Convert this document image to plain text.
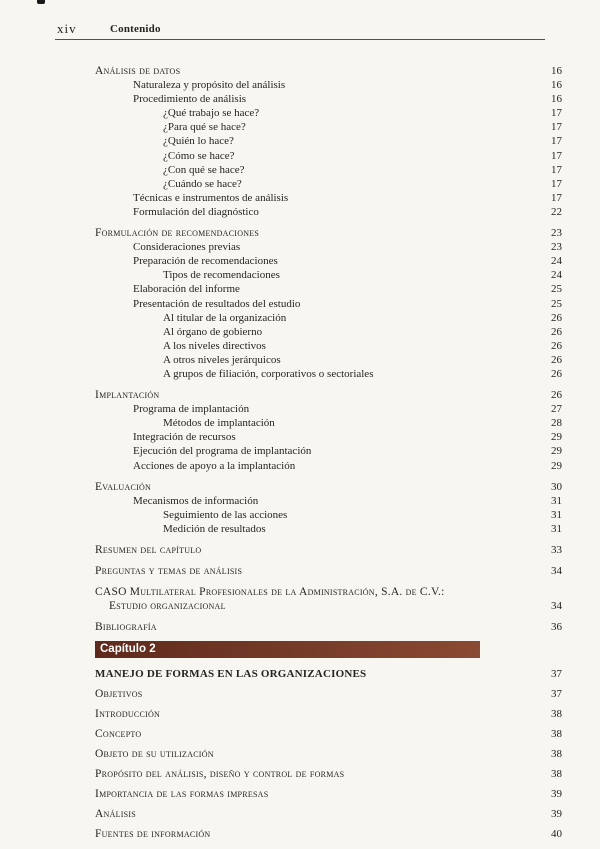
xiv	Contenido
Análisis de datos	16
Naturaleza y propósito del análisis	16
Procedimiento de análisis	16
¿Qué trabajo se hace?	17
¿Para qué se hace?	17
¿Quién lo hace?	17
¿Cómo se hace?	17
¿Con qué se hace?	17
¿Cuándo se hace?	17
Técnicas e instrumentos de análisis	17
Formulación del diagnóstico	22
Formulación de recomendaciones	23
Consideraciones previas	23
Preparación de recomendaciones	24
Tipos de recomendaciones	24
Elaboración del informe	25
Presentación de resultados del estudio	25
Al titular de la organización	26
Al órgano de gobierno	26
A los niveles directivos	26
A otros niveles jerárquicos	26
A grupos de filiación, corporativos o sectoriales	26
Implantación	26
Programa de implantación	27
Métodos de implantación	28
Integración de recursos	29
Ejecución del programa de implantación	29
Acciones de apoyo a la implantación	29
Evaluación	30
Mecanismos de información	31
Seguimiento de las acciones	31
Medición de resultados	31
Resumen del capítulo	33
Preguntas y temas de análisis	34
CASO Multilateral Profesionales de la Administración, S.A. de C.V.:
Estudio organizacional	34
Bibliografía	36
Capítulo 2
MANEJO DE FORMAS EN LAS ORGANIZACIONES	37
Objetivos	37
Introducción	38
Concepto	38
Objeto de su utilización	38
Propósito del análisis, diseño y control de formas	38
Importancia de las formas impresas	39
Análisis	39
Fuentes de información	40
